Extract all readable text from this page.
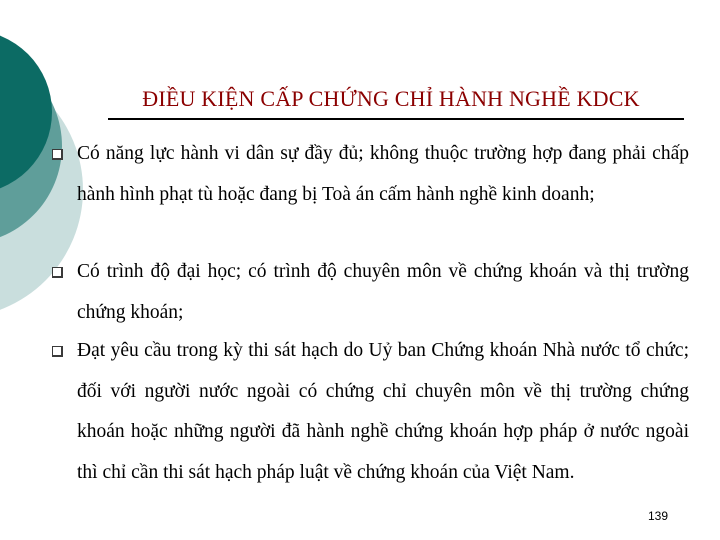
ĐIỀU KIỆN CẤP CHỨNG CHỈ HÀNH NGHỀ KDCK

Có năng lực hành vi dân sự đầy đủ; không thuộc trường hợp đang phải chấp hành hình phạt tù hoặc đang bị Toà án cấm hành nghề kinh doanh;

Có trình độ đại học; có trình độ chuyên môn về chứng khoán và thị trường chứng khoán;

Đạt yêu cầu trong kỳ thi sát hạch do Uỷ ban Chứng khoán Nhà nước tổ chức; đối với người nước ngoài có chứng chỉ chuyên môn về thị trường chứng khoán hoặc những người đã hành nghề chứng khoán hợp pháp ở nước ngoài thì chỉ cần thi sát hạch pháp luật về chứng khoán của Việt Nam.

139
